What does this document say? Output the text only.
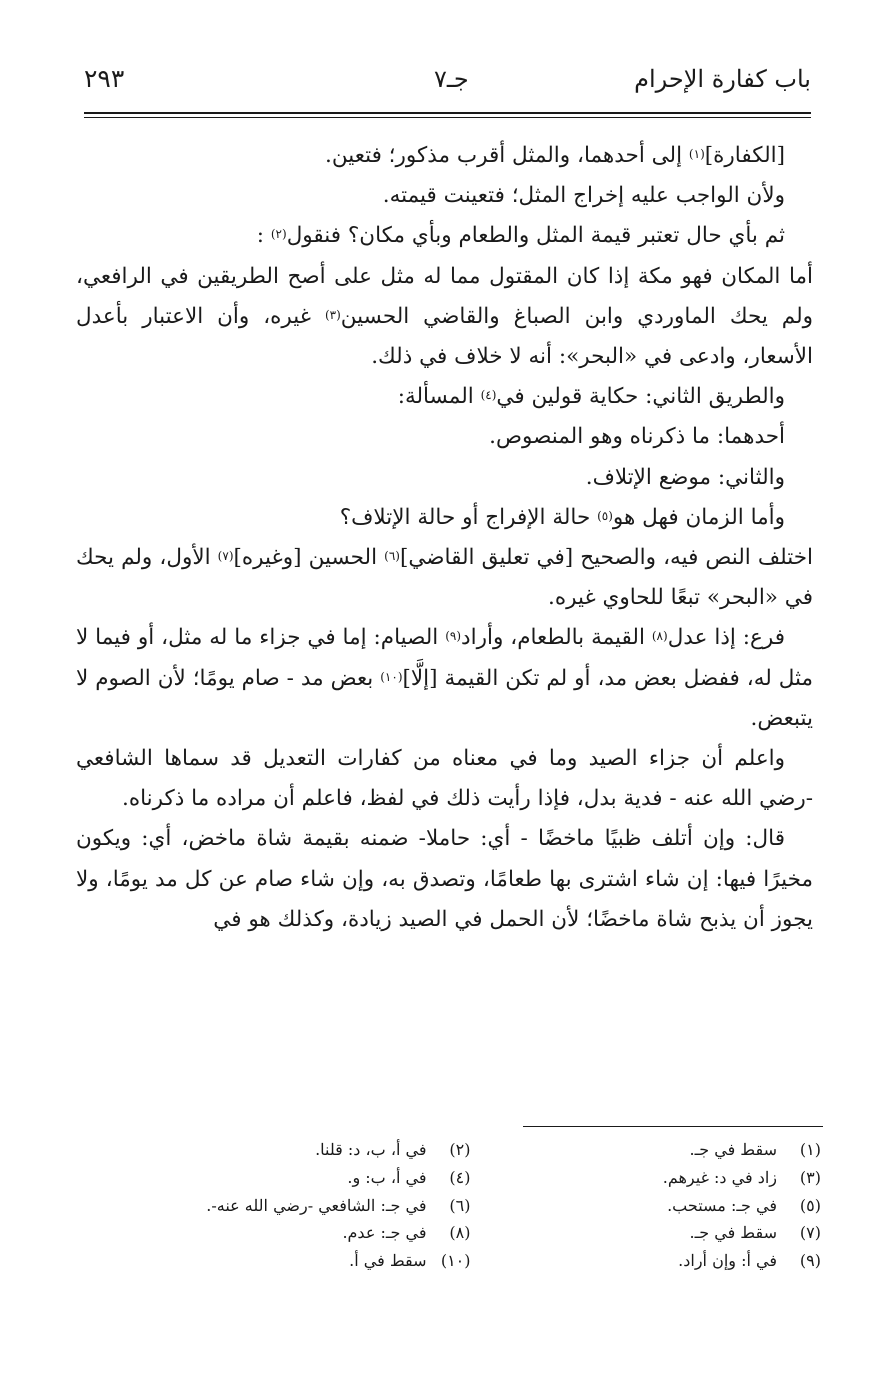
باب كفارة الإحرام
جـ٧
٢٩٣

[الكفارة]$^{(١)}$ إلى أحدهما، والمثل أقرب مذكور؛ فتعين.

ولأن الواجب عليه إخراج المثل؛ فتعينت قيمته.

ثم بأي حال تعتبر قيمة المثل والطعام وبأي مكان؟ فنقول$^{(٢)}$ :

أما المكان فهو مكة إذا كان المقتول مما له مثل على أصح الطريقين في الرافعي، ولم يحك الماوردي وابن الصباغ والقاضي الحسين$^{(٣)}$ غيره، وأن الاعتبار بأعدل الأسعار، وادعى في «البحر»: أنه لا خلاف في ذلك.

والطريق الثاني: حكاية قولين في$^{(٤)}$ المسألة:

أحدهما: ما ذكرناه وهو المنصوص.

والثاني: موضع الإتلاف.

وأما الزمان فهل هو$^{(٥)}$ حالة الإفراج أو حالة الإتلاف؟

اختلف النص فيه، والصحيح [في تعليق القاضي]$^{(٦)}$ الحسين [وغيره]$^{(٧)}$ الأول، ولم يحك في «البحر» تبعًا للحاوي غيره.

فرع: إذا عدل$^{(٨)}$ القيمة بالطعام، وأراد$^{(٩)}$ الصيام: إما في جزاء ما له مثل، أو فيما لا مثل له، ففضل بعض مد، أو لم تكن القيمة [إلَّا]$^{(١٠)}$ بعض مد - صام يومًا؛ لأن الصوم لا يتبعض.

واعلم أن جزاء الصيد وما في معناه من كفارات التعديل قد سماها الشافعي -رضي الله عنه - فدية بدل، فإذا رأيت ذلك في لفظ، فاعلم أن مراده ما ذكرناه.

قال: وإن أتلف ظبيًا ماخضًا - أي: حاملا- ضمنه بقيمة شاة ماخض، أي: ويكون مخيرًا فيها: إن شاء اشترى بها طعامًا، وتصدق به، وإن شاء صام عن كل مد يومًا، ولا يجوز أن يذبح شاة ماخضًا؛ لأن الحمل في الصيد زيادة، وكذلك هو في

(١)سقط في جـ.
(٢)في أ، ب، د: قلنا.
(٣)زاد في د: غيرهم.
(٤)في أ، ب: و.
(٥)في جـ: مستحب.
(٦)في جـ: الشافعي -رضي الله عنه-.
(٧)سقط في جـ.
(٨)في جـ: عدم.
(٩)في أ: وإن أراد.
(١٠)سقط في أ.
